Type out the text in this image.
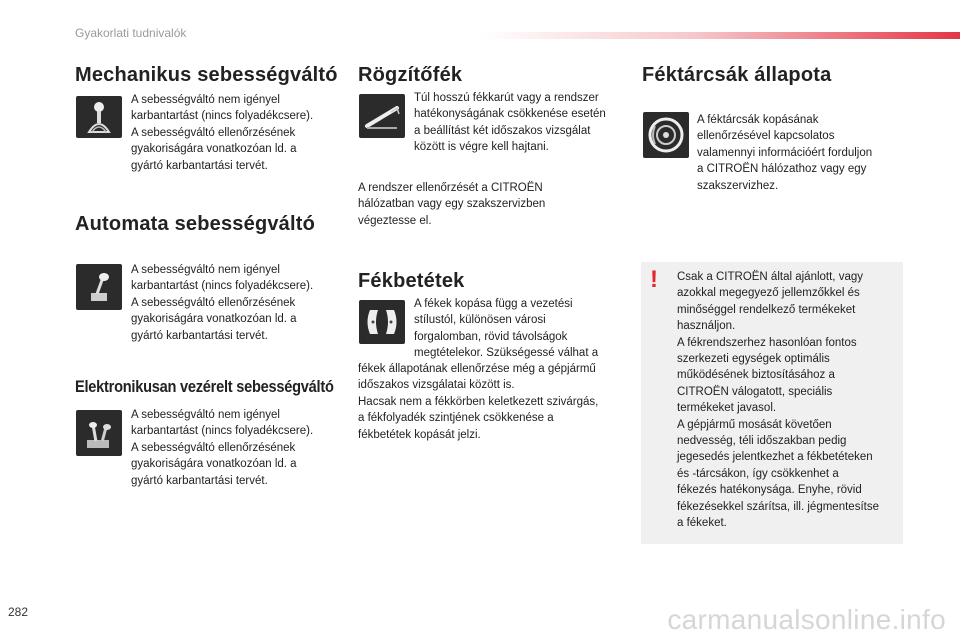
Gyakorlati tudnivalók
Mechanikus sebességváltó

A sebességváltó nem igényel

karbantartást (nincs folyadékcsere).

A sebességváltó ellenőrzésének

gyakoriságára vonatkozóan ld. a

gyártó karbantartási tervét.

Automata sebességváltó

A sebességváltó nem igényel

karbantartást (nincs folyadékcsere).

A sebességváltó ellenőrzésének

gyakoriságára vonatkozóan ld. a

gyártó karbantartási tervét.

Elektronikusan vezérelt sebességváltó

A sebességváltó nem igényel

karbantartást (nincs folyadékcsere).

A sebességváltó ellenőrzésének

gyakoriságára vonatkozóan ld. a

gyártó karbantartási tervét.

Rögzítőfék

Túl hosszú fékkarút vagy a rendszer

hatékonyságának csökkenése esetén

a beállítást két időszakos vizsgálat

között is végre kell hajtani.

A rendszer ellenőrzését a CITROËN

hálózatban vagy egy szakszervizben

végeztesse el.

Fékbetétek

A fékek kopása függ a vezetési

stílustól, különösen városi

forgalomban, rövid távolságok

megtételekor. Szükségessé válhat a

fékek állapotának ellenőrzése még a gépjármű

időszakos vizsgálatai között is.

Hacsak nem a fékkörben keletkezett szivárgás,

a fékfolyadék szintjének csökkenése a

fékbetétek kopását jelzi.

Féktárcsák állapota

A féktárcsák kopásának

ellenőrzésével kapcsolatos

valamennyi információért forduljon

a CITROËN hálózathoz vagy egy

szakszervizhez.

! Csak a CITROËN által ajánlott, vagy

azokkal megegyező jellemzőkkel és

minőséggel rendelkező termékeket

használjon.

A fékrendszerhez hasonlóan fontos

szerkezeti egységek optimális

működésének biztosításához a

CITROËN válogatott, speciális

termékeket javasol.

A gépjármű mosását követően

nedvesség, téli időszakban pedig

jegesedés jelentkezhet a fékbetéteken

és -tárcsákon, így csökkenhet a

fékezés hatékonysága. Enyhe, rövid

fékezésekkel szárítsa, ill. jégmentesítse

a fékeket.

282	carmanualsonline.info
